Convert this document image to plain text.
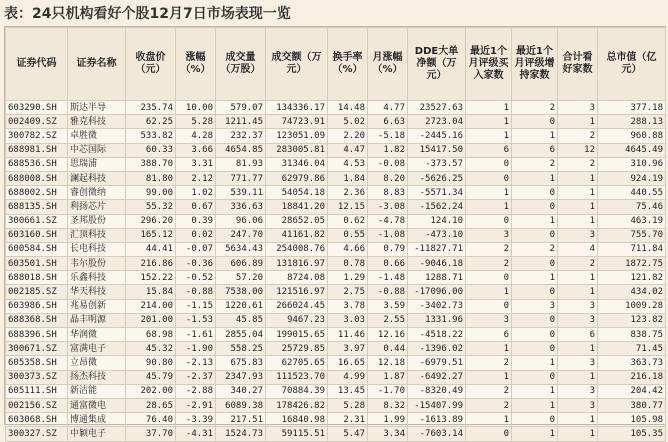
表：24只机构看好个股12月7日市场表现一览
证券代码	证券名称	收盘价（元）	涨幅（%）	成交量（万股）	成交额（万元）	换手率（%）	月涨幅（%）	DDE大单净额（万元）	最近1个月评级买入家数	最近1个月评级增持家数	合计看好家数	总市值（亿元）
603290.SH	斯达半导	235.74	10.00	579.07	134336.17	14.48	4.77	23527.63	1	2	3	377.18
002409.SZ	雅克科技	62.25	5.28	1211.45	74723.91	5.02	6.63	2723.04	1	0	1	288.13
300782.SZ	卓胜微	533.82	4.28	232.37	123051.09	2.20	-5.18	-2445.16	1	1	2	960.88
688981.SH	中芯国际	60.33	3.66	4654.85	283005.81	4.47	1.82	15417.50	6	6	12	4645.49
688536.SH	思瑞浦	388.70	3.31	81.93	31346.04	4.53	-0.08	-373.57	0	2	2	310.96
688008.SH	澜起科技	81.80	2.12	771.77	62979.86	1.84	8.20	-5626.25	0	1	1	924.19
688002.SH	睿创微纳	99.00	1.02	539.11	54054.18	2.36	8.83	-5571.34	1	0	1	440.55
688135.SH	利扬芯片	55.32	0.67	336.63	18841.20	12.15	-3.08	-1562.24	1	0	1	75.46
300661.SZ	圣邦股份	296.20	0.39	96.06	28652.05	0.62	-4.78	124.10	0	1	1	463.19
603160.SH	汇顶科技	165.12	0.02	247.70	41161.82	0.55	-1.08	-473.10	3	0	3	755.70
600584.SH	长电科技	44.41	-0.07	5634.43	254008.76	4.66	0.79	-11827.71	2	2	4	711.84
603501.SH	韦尔股份	216.86	-0.36	606.89	131816.97	0.78	0.66	-9046.18	2	0	2	1872.75
688018.SH	乐鑫科技	152.22	-0.52	57.20	8724.08	1.29	-1.48	1288.71	0	1	1	121.82
002185.SZ	华天科技	15.84	-0.88	7538.00	121516.97	2.75	-0.88	-17096.00	1	0	1	434.02
603986.SH	兆易创新	214.00	-1.15	1220.61	266024.45	3.78	3.59	-3402.73	0	3	3	1009.28
688368.SH	晶丰明源	201.00	-1.53	45.85	9467.23	3.03	2.55	1331.96	3	0	3	123.82
688396.SH	华润微	68.98	-1.61	2855.04	199015.65	11.46	12.16	-4518.22	6	0	6	838.75
300671.SZ	富满电子	45.32	-1.90	558.25	25729.85	3.97	0.44	-1396.02	1	0	1	71.45
605358.SH	立昂微	90.80	-2.13	675.83	62705.65	16.65	12.18	-6979.51	2	1	3	363.73
300373.SZ	扬杰科技	45.79	-2.37	2347.93	111523.70	4.99	1.87	-6492.27	1	0	1	216.18
605111.SH	新洁能	202.00	-2.88	340.27	70884.39	13.45	-1.70	-8320.49	2	1	3	204.42
002156.SZ	通富微电	28.65	-2.91	6089.38	178426.82	5.28	8.32	-15407.99	2	1	3	380.77
603068.SH	博通集成	76.40	-3.39	217.51	16840.98	2.31	1.99	-1613.89	1	0	1	105.98
300327.SZ	中颖电子	37.70	-4.31	1524.73	59115.51	5.47	3.34	-7603.14	0	1	1	105.35
